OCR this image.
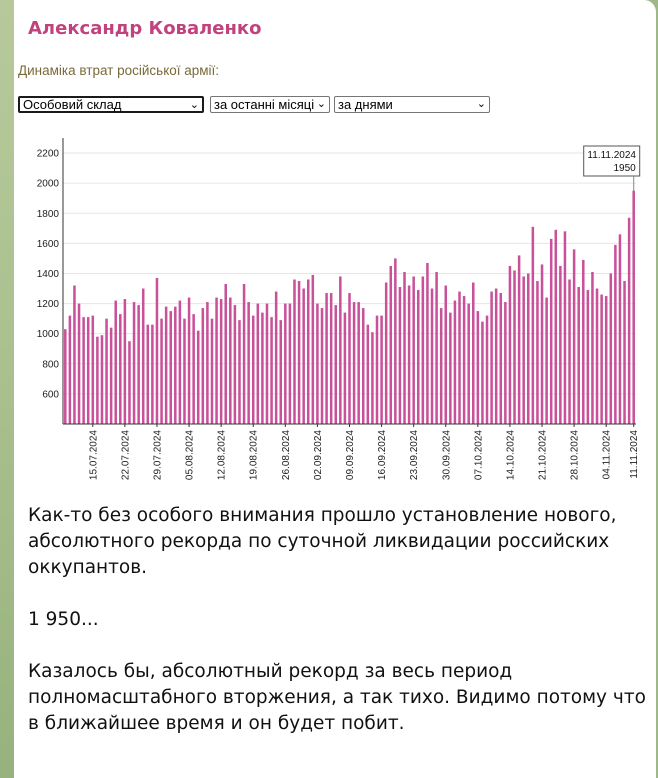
Александр Коваленко
Динаміка втрат російської армії:
Особовий склад	⌄	за останні місяці ⌄ за днями	⌄
600
800
1000
1200
1400
1600
1800
2000
2200
15.07.2024 22.07.2024 29.07.2024 05.08.2024 12.08.2024 19.08.2024 26.08.2024 02.09.2024 09.09.2024 16.09.2024 23.09.2024 30.09.2024 07.10.2024 14.10.2024 21.10.2024 28.10.2024 04.11.2024 11.11.2024
11.11.2024
1950

Как-то без особого внимания прошло установление нового, абсолютного рекорда по суточной ликвидации российских оккупантов.

1 950...

Казалось бы, абсолютный рекорд за весь период полномасштабного вторжения, а так тихо. Видимо потому что в ближайшее время и он будет побит.
